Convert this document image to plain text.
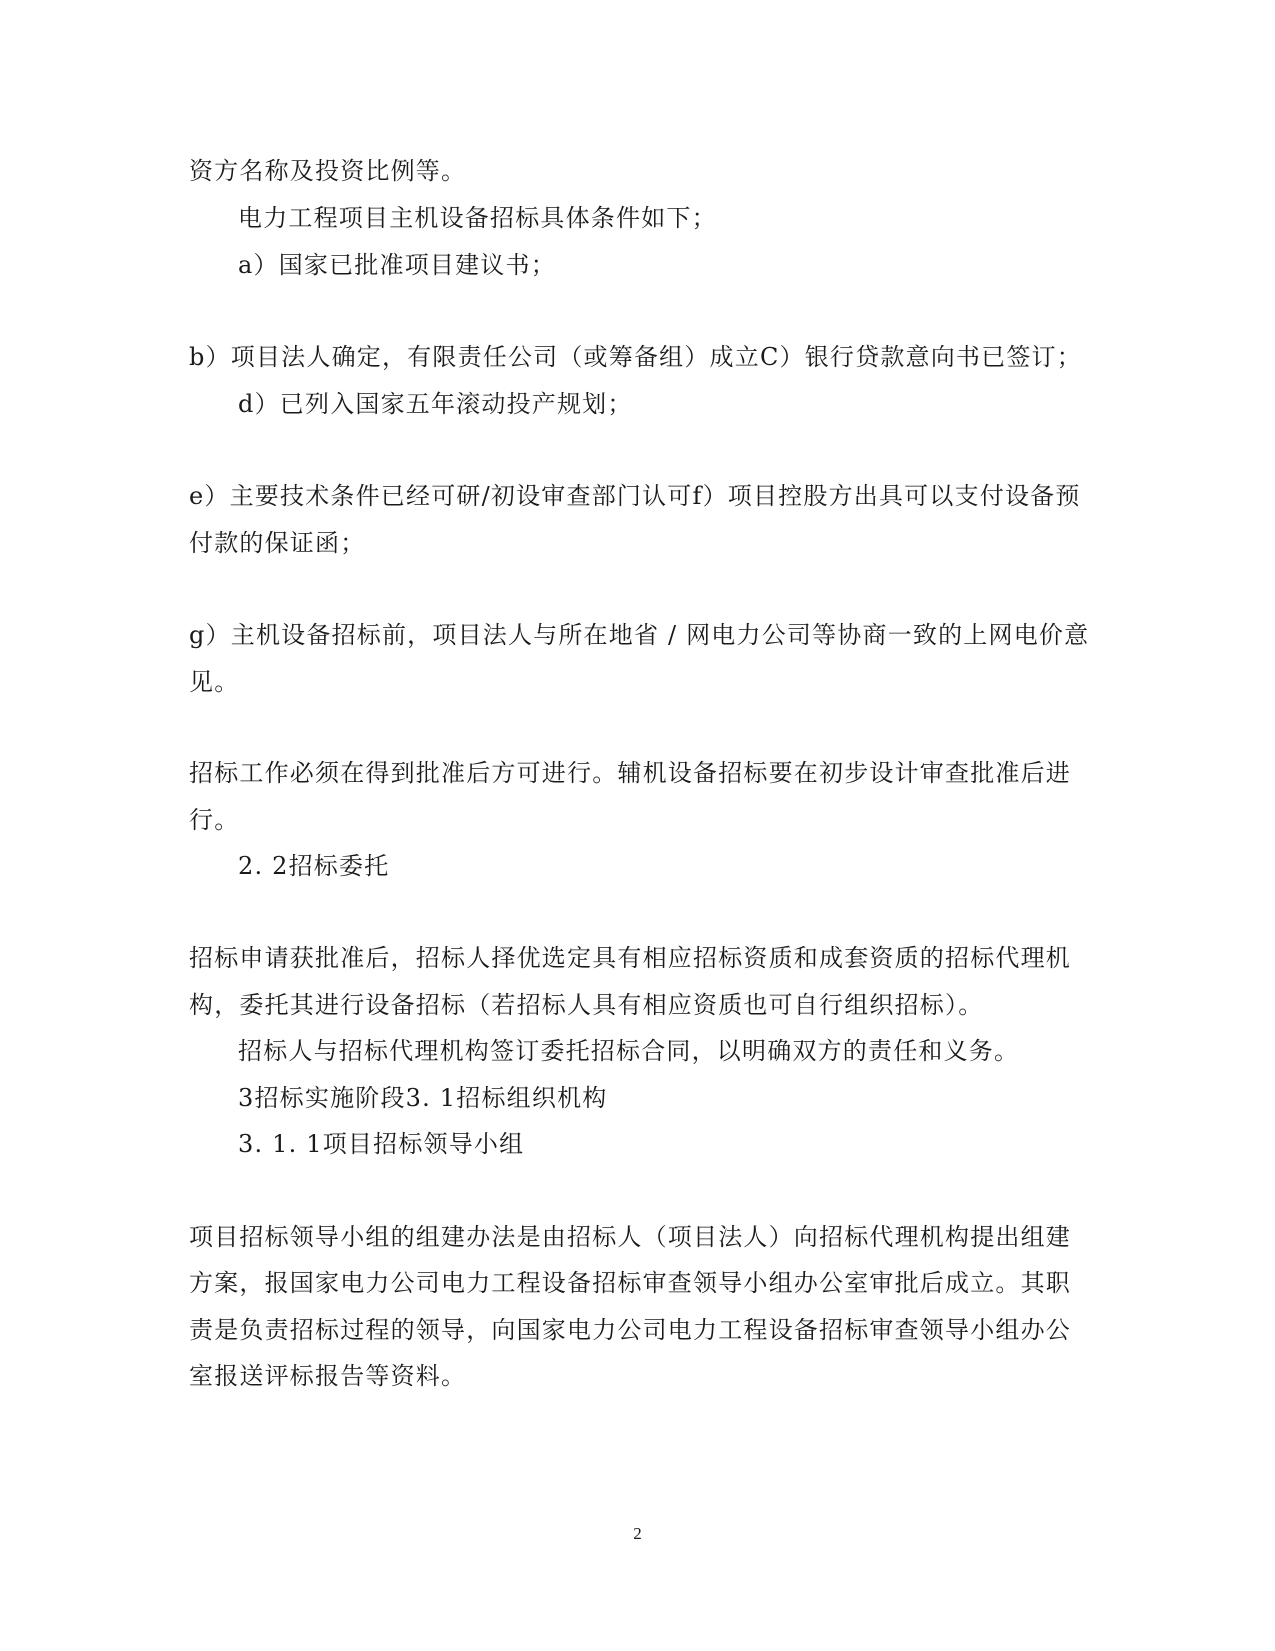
资方名称及投资比例等。
电力工程项目主机设备招标具体条件如下；
a）国家已批准项目建议书；
b）项目法人确定，有限责任公司（或筹备组）成立C）银行贷款意向书已签订；
d）已列入国家五年滚动投产规划；
e）主要技术条件已经可研/初设审查部门认可f）项目控股方出具可以支付设备预
付款的保证函；
g）主机设备招标前，项目法人与所在地省 / 网电力公司等协商一致的上网电价意
见。
招标工作必须在得到批准后方可进行。辅机设备招标要在初步设计审查批准后进
行。
2. 2招标委托
招标申请获批准后，招标人择优选定具有相应招标资质和成套资质的招标代理机
构，委托其进行设备招标（若招标人具有相应资质也可自行组织招标）。
招标人与招标代理机构签订委托招标合同，以明确双方的责任和义务。
3招标实施阶段3. 1招标组织机构
3. 1. 1项目招标领导小组
项目招标领导小组的组建办法是由招标人（项目法人）向招标代理机构提出组建
方案，报国家电力公司电力工程设备招标审查领导小组办公室审批后成立。其职
责是负责招标过程的领导，向国家电力公司电力工程设备招标审查领导小组办公
室报送评标报告等资料。
2
